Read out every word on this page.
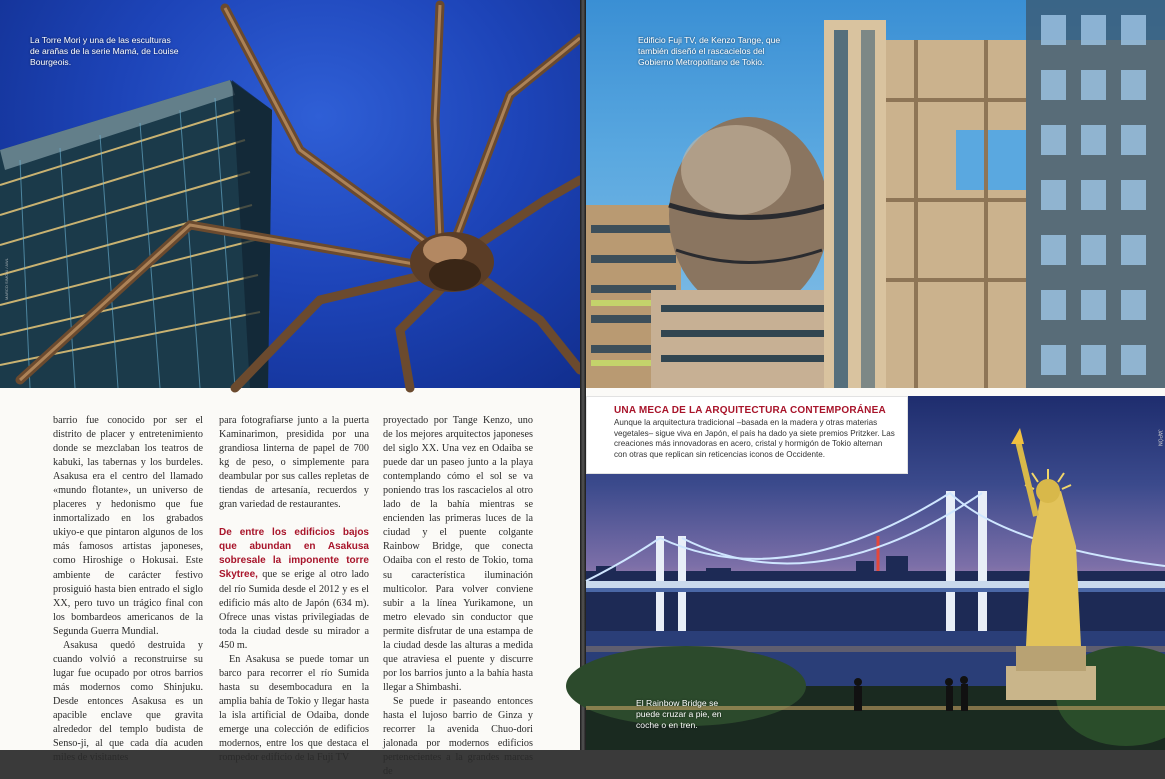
La Torre Mori y una de las esculturas de arañas de la serie Mamá, de Louise Bourgeois.
MARCO SIMONI / AWL

barrio fue conocido por ser el distrito de placer y entretenimiento donde se mezclaban los teatros de kabuki, las tabernas y los burdeles. Asakusa era el centro del llamado «mundo flotante», un universo de placeres y hedonismo que fue inmortalizado en los grabados ukiyo-e que pintaron algunos de los más famosos artistas japoneses, como Hiroshige o Hokusai. Este ambiente de carácter festivo prosiguió hasta bien entrado el siglo XX, pero tuvo un trágico final con los bombardeos americanos de la Segunda Guerra Mundial.

Asakusa quedó destruida y cuando volvió a reconstruirse su lugar fue ocupado por otros barrios más modernos como Shinjuku. Desde entonces Asakusa es un apacible enclave que gravita alrededor del templo budista de Senso-ji, al que cada día acuden miles de visitantes

para fotografiarse junto a la puerta Kaminarimon, presidida por una grandiosa linterna de papel de 700 kg de peso, o simplemente para deambular por sus calles repletas de tiendas de artesanía, recuerdos y gran variedad de restaurantes.

De entre los edificios bajos que abundan en Asakusa sobresale la imponente torre Skytree, que se erige al otro lado del río Sumida desde el 2012 y es el edificio más alto de Japón (634 m). Ofrece unas vistas privilegiadas de toda la ciudad desde su mirador a 450 m.

En Asakusa se puede tomar un barco para recorrer el río Sumida hasta su desembocadura en la amplia bahía de Tokio y llegar hasta la isla artificial de Odaiba, donde emerge una colección de edificios modernos, entre los que destaca el rompedor edificio de la Fuji TV

proyectado por Tange Kenzo, uno de los mejores arquitectos japoneses del siglo XX. Una vez en Odaiba se puede dar un paseo junto a la playa contemplando cómo el sol se va poniendo tras los rascacielos al otro lado de la bahía mientras se encienden las primeras luces de la ciudad y el puente colgante Rainbow Bridge, que conecta Odaiba con el resto de Tokio, toma su característica iluminación multicolor. Para volver conviene subir a la línea Yurikamone, un metro elevado sin conductor que permite disfrutar de una estampa de la ciudad desde las alturas a medida que atraviesa el puente y discurre por los barrios junto a la bahía hasta llegar a Shimbashi.

Se puede ir paseando entonces hasta el lujoso barrio de Ginza y recorrer la avenida Chuo-dori jalonada por modernos edificios pertenecientes a la grandes marcas de

Edificio Fuji TV, de Kenzo Tange, que también diseñó el rascacielos del Gobierno Metropolitano de Tokio.
El Rainbow Bridge se puede cruzar a pie, en coche o en tren.
JAPÓN
UNA MECA DE LA ARQUITECTURA CONTEMPORÁNEA

Aunque la arquitectura tradicional –basada en la madera y otras materias vegetales– sigue viva en Japón, el país ha dado ya siete premios Pritzker. Las creaciones más innovadoras en acero, cristal y hormigón de Tokio alternan con otras que replican sin reticencias iconos de Occidente.
